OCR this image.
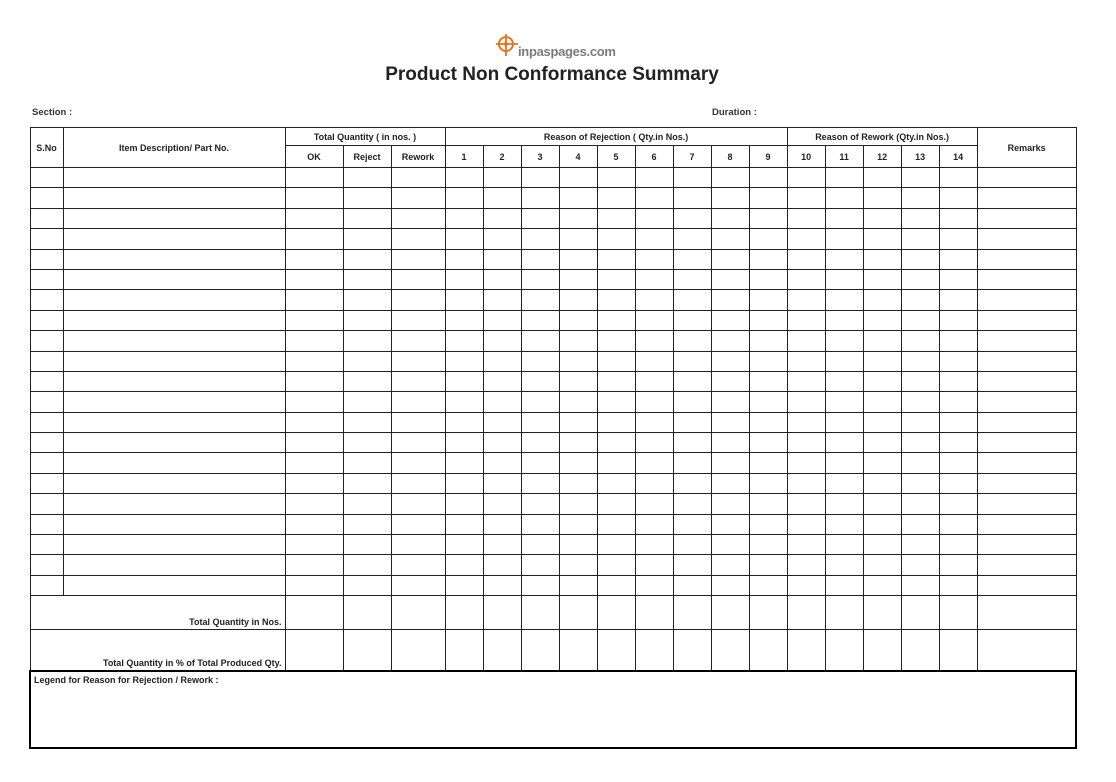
inpaspages.com
Product Non Conformance Summary
Section :	Duration :
S.No	Item Description/ Part No.	Total Quantity ( in nos. )			Reason of Rejection ( Qty.in Nos.)									Reason of Rework (Qty.in Nos.)					Remarks
		OK	Reject	Rework	1	2	3	4	5	6	7	8	9	10	11	12	13	14	

Total Quantity in Nos.																			
Total Quantity in % of Total Produced Qty.																			
Legend for Reason for Rejection / Rework :																			
